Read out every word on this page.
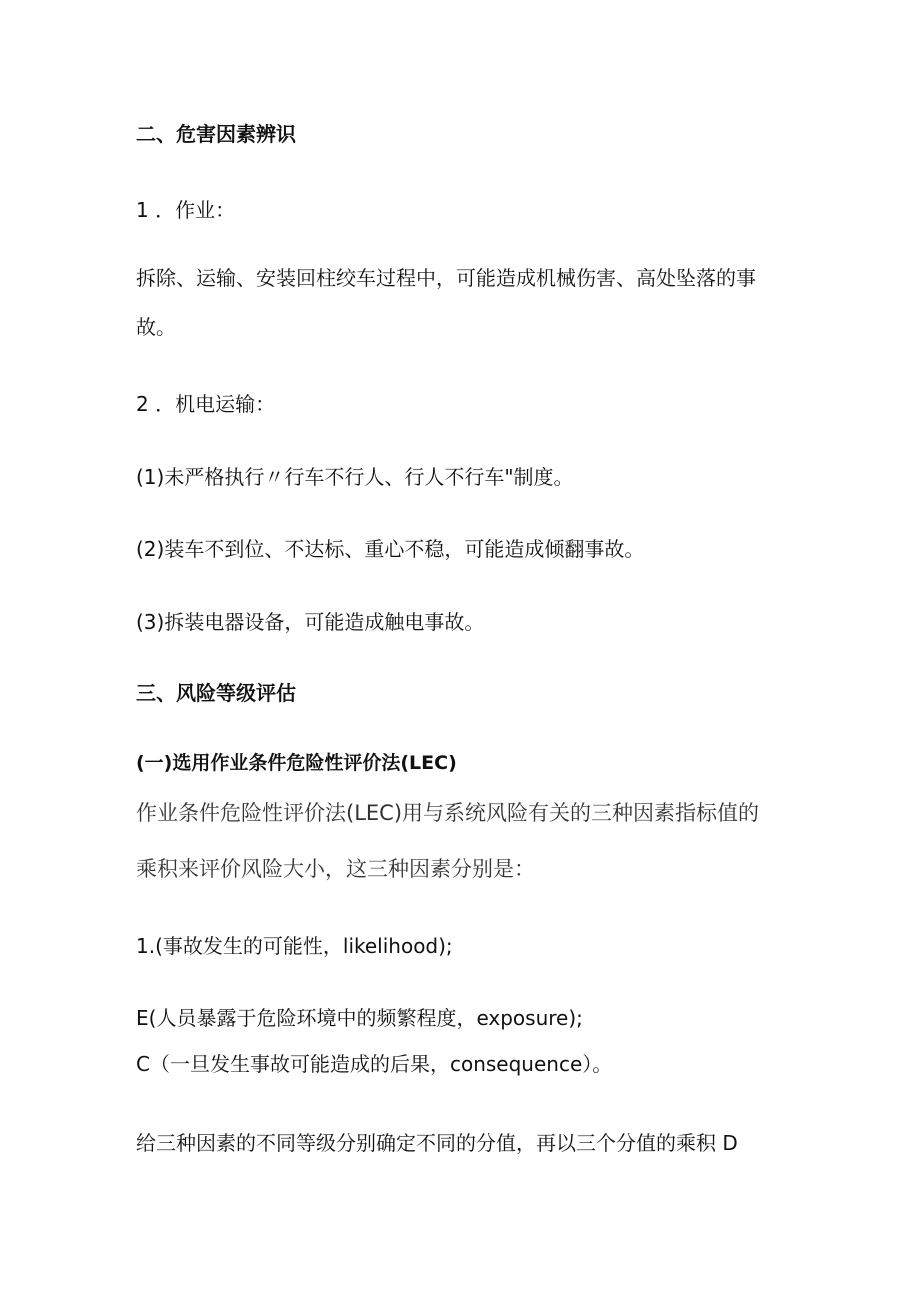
二、危害因素辨识

1 ．作业：

拆除、运输、安装回柱绞车过程中，可能造成机械伤害、高处坠落的事

故。

2 ．机电运输：

(1)未严格执行〃行车不行人、行人不行车"制度。

(2)装车不到位、不达标、重心不稳，可能造成倾翻事故。

(3)拆装电器设备，可能造成触电事故。

三、风险等级评估

(一)选用作业条件危险性评价法(LEC)

作业条件危险性评价法(LEC)用与系统风险有关的三种因素指标值的

乘积来评价风险大小，这三种因素分别是：

1.(事故发生的可能性，likelihood);

E(人员暴露于危险环境中的频繁程度，exposure);

C（一旦发生事故可能造成的后果，consequence）。

给三种因素的不同等级分别确定不同的分值，再以三个分值的乘积 D
